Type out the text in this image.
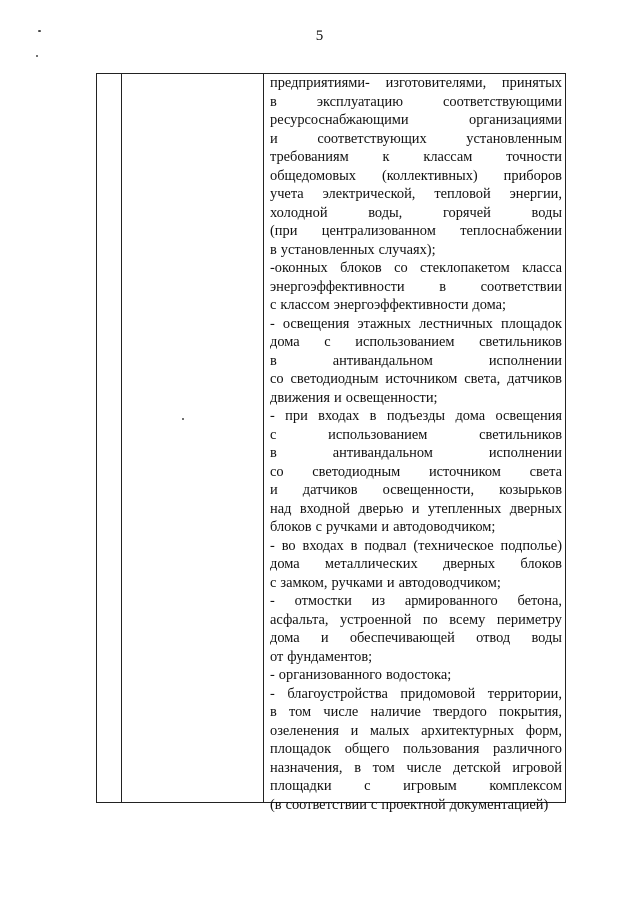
5
предприятиями- изготовителями, принятых
в	эксплуатацию	соответствующими
ресурсоснабжающими	организациями
и	соответствующих	установленным
требованиям к классам точности
общедомовых (коллективных) приборов
учета электрической, тепловой энергии,
холодной	воды,	горячей	воды
(при централизованном теплоснабжении
в установленных случаях);
-оконных блоков со стеклопакетом класса
энергоэффективности в соответствии
с классом энергоэффективности дома;
- освещения этажных лестничных площадок
дома с использованием светильников
в	антивандальном	исполнении
со светодиодным источником света, датчиков
движения и освещенности;
- при входах в подъезды дома освещения
с	использованием	светильников
в	антивандальном	исполнении
со светодиодным источником света
и датчиков освещенности, козырьков
над входной дверью и утепленных дверных
блоков с ручками и автодоводчиком;
- во входах в подвал (техническое подполье)
дома металлических дверных блоков
с замком, ручками и автодоводчиком;
- отмостки из армированного бетона,
асфальта, устроенной по всему периметру
дома и обеспечивающей отвод воды
от фундаментов;
- организованного водостока;
- благоустройства придомовой территории,
в том числе наличие твердого покрытия,
озеленения и малых архитектурных форм,
площадок общего пользования различного
назначения, в том числе детской игровой
площадки с игровым комплексом
(в соответствии с проектной документацией)
